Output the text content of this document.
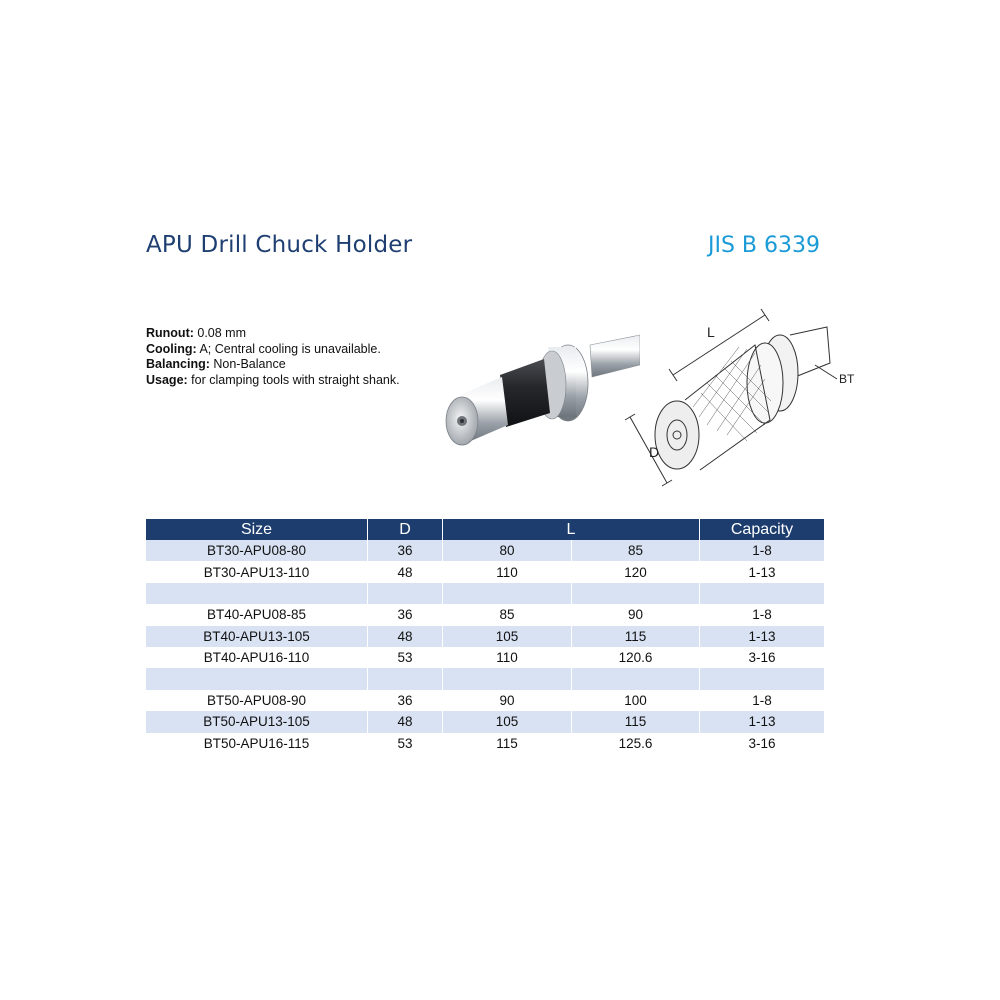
APU Drill Chuck Holder	JIS B 6339
Runout: 0.08 mm
Cooling: A; Central cooling is unavailable.
Balancing: Non-Balance
Usage: for clamping tools with straight shank.
L
D
BT
Size	D	L		Capacity
BT30-APU08-80	36	80	85	1-8
BT30-APU13-110	48	110	120	1-13

BT40-APU08-85	36	85	90	1-8
BT40-APU13-105	48	105	115	1-13
BT40-APU16-110	53	110	120.6	3-16

BT50-APU08-90	36	90	100	1-8
BT50-APU13-105	48	105	115	1-13
BT50-APU16-115	53	115	125.6	3-16
